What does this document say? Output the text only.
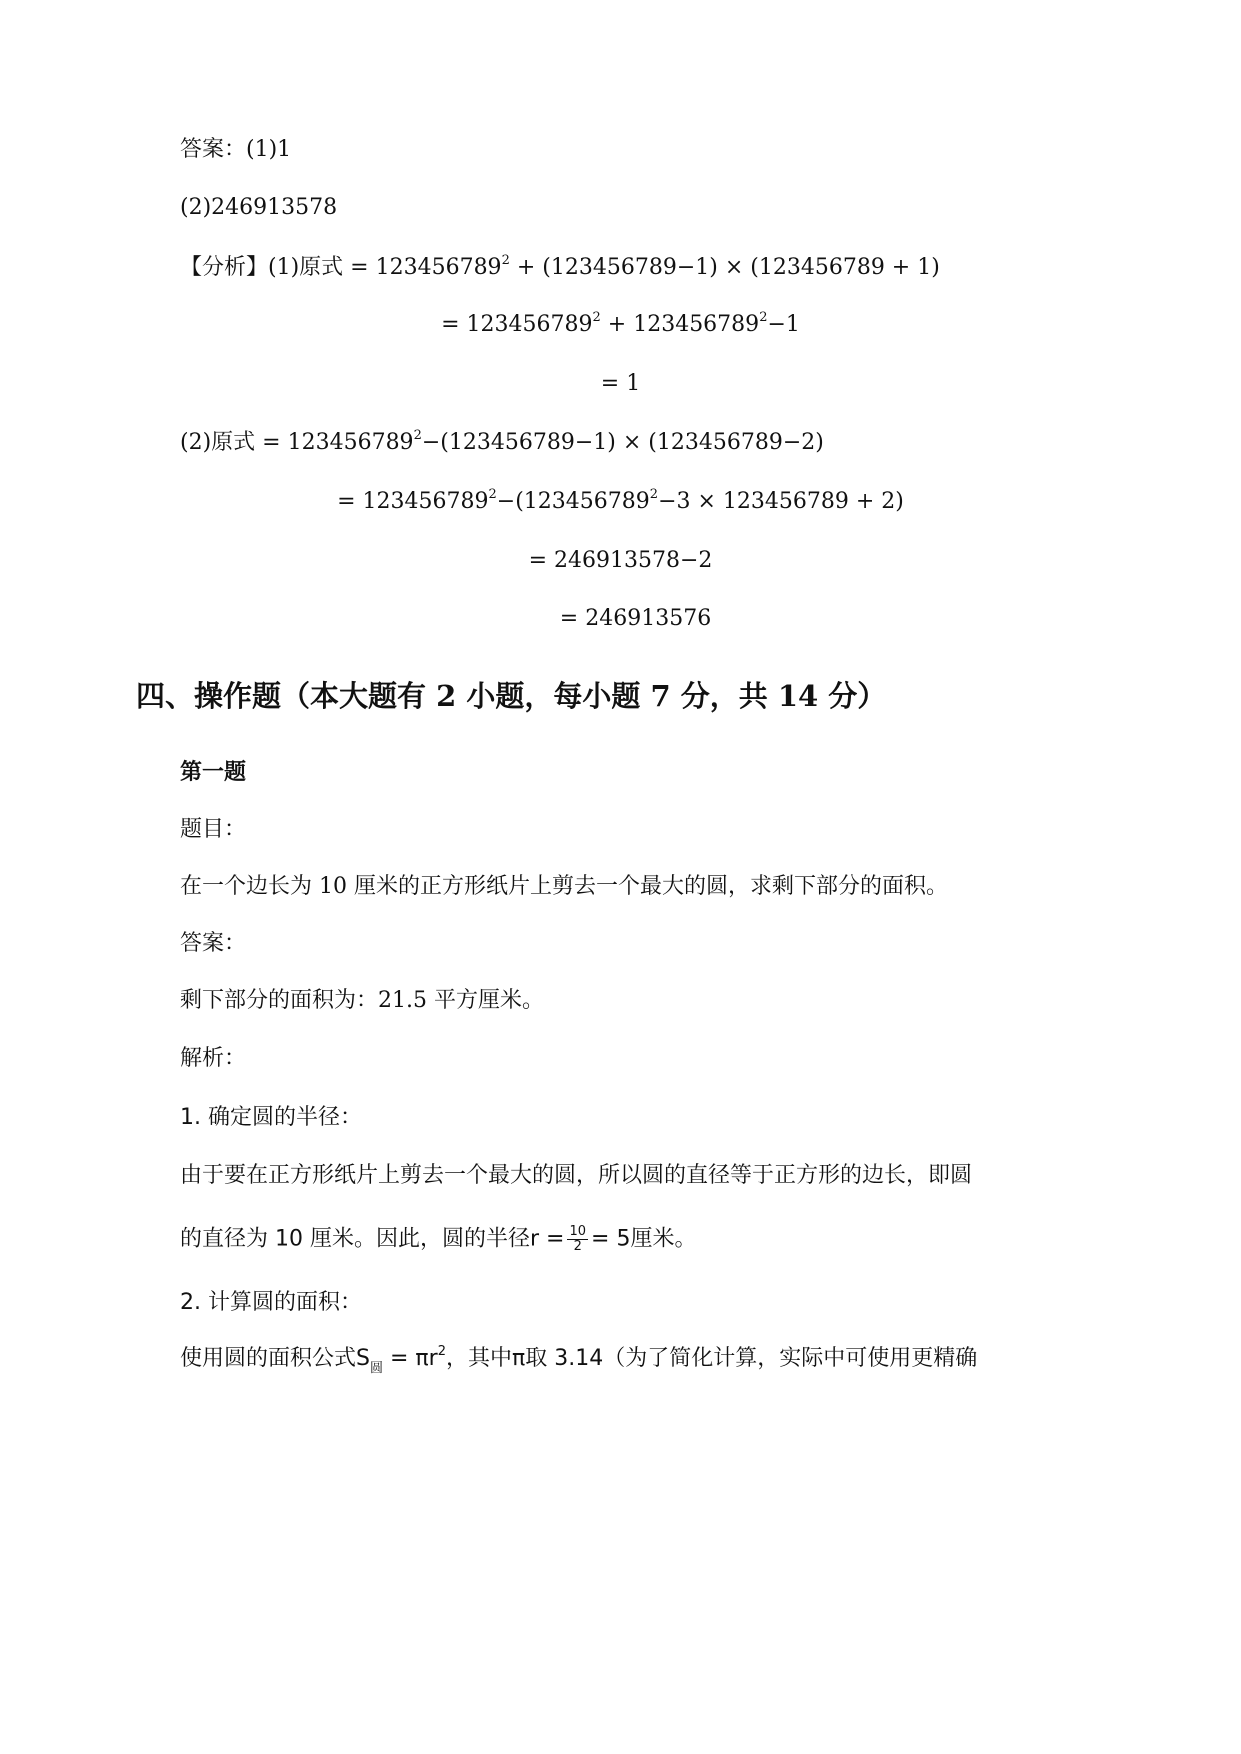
答案：(1)1
(2)246913578
【分析】(1)原式 = $123456789^2 + (123456789-1) \times (123456789 + 1)$
= $123456789^2 + 123456789^2-1$
= 1
(2)原式 = $123456789^2-(123456789-1) \times (123456789-2)$
= $123456789^2-(123456789^2-3 \times 123456789 + 2)$
= 246913578−2
= 246913576
四、操作题（本大题有 2 小题，每小题 7 分，共 14 分）
第一题
题目：
在一个边长为 10 厘米的正方形纸片上剪去一个最大的圆，求剩下部分的面积。
答案：
剩下部分的面积为：21.5 平方厘米。
解析：
1. 确定圆的半径：
由于要在正方形纸片上剪去一个最大的圆，所以圆的直径等于正方形的边长，即圆
的直径为 10 厘米。因此，圆的半径$r = \frac{10}{2} = 5$厘米。
2. 计算圆的面积：
使用圆的面积公式$S_圆 = \pi r^2$，其中π取 3.14（为了简化计算，实际中可使用更精确
